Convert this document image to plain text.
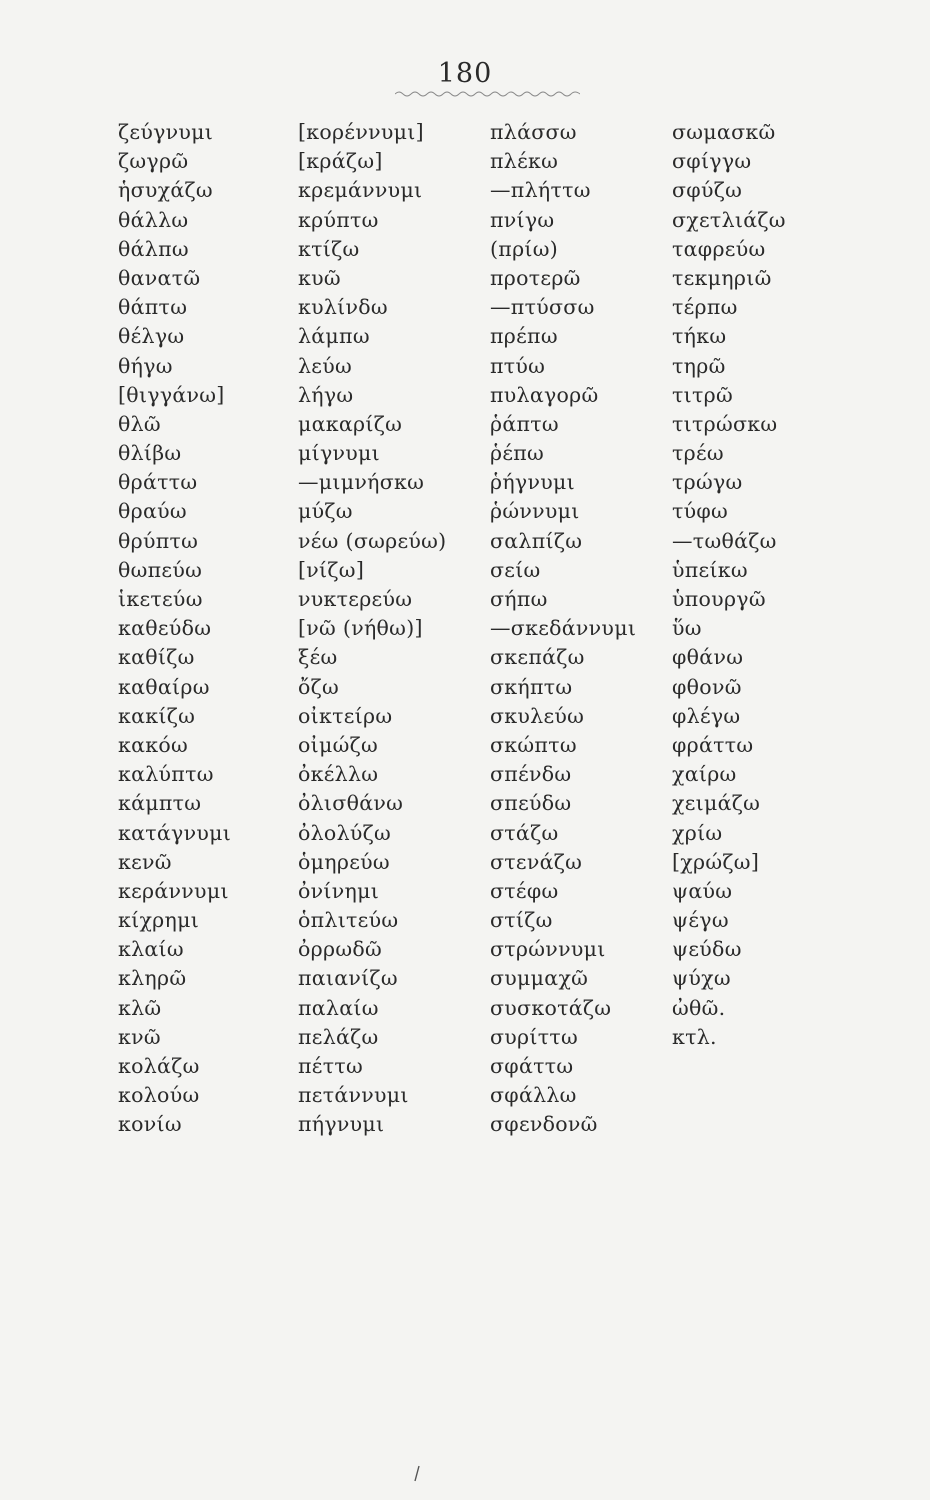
180
ζεύγνυμι
ζωγρῶ
ἡσυχάζω
θάλλω
θάλπω
θανατῶ
θάπτω
θέλγω
θήγω
[θιγγάνω]
θλῶ
θλίβω
θράττω
θραύω
θρύπτω
θωπεύω
ἱκετεύω
καθεύδω
καθίζω
καθαίρω
κακίζω
κακόω
καλύπτω
κάμπτω
κατάγνυμι
κενῶ
κεράννυμι
κίχρημι
κλαίω
κληρῶ
κλῶ
κνῶ
κολάζω
κολούω
κονίω
[κορέννυμι]
[κράζω]
κρεμάννυμι
κρύπτω
κτίζω
κυῶ
κυλίνδω
λάμπω
λεύω
λήγω
μακαρίζω
μίγνυμι
—μιμνήσκω
μύζω
νέω (σωρεύω)
[νίζω]
νυκτερεύω
[νῶ (νήθω)]
ξέω
ὄζω
οἰκτείρω
οἰμώζω
ὀκέλλω
ὀλισθάνω
ὀλολύζω
ὁμηρεύω
ὀνίνημι
ὁπλιτεύω
ὀρρωδῶ
παιανίζω
παλαίω
πελάζω
πέττω
πετάννυμι
πήγνυμι
πλάσσω
πλέκω
—πλήττω
πνίγω
(πρίω)
προτερῶ
—πτύσσω
πρέπω
πτύω
πυλαγορῶ
ῥάπτω
ῥέπω
ῥήγνυμι
ῥώννυμι
σαλπίζω
σείω
σήπω
—σκεδάννυμι
σκεπάζω
σκήπτω
σκυλεύω
σκώπτω
σπένδω
σπεύδω
στάζω
στενάζω
στέφω
στίζω
στρώννυμι
συμμαχῶ
συσκοτάζω
συρίττω
σφάττω
σφάλλω
σφενδονῶ
σωμασκῶ
σφίγγω
σφύζω
σχετλιάζω
ταφρεύω
τεκμηριῶ
τέρπω
τήκω
τηρῶ
τιτρῶ
τιτρώσκω
τρέω
τρώγω
τύφω
—τωθάζω
ὑπείκω
ὑπουργῶ
ὕω
φθάνω
φθονῶ
φλέγω
φράττω
χαίρω
χειμάζω
χρίω
[χρώζω]
ψαύω
ψέγω
ψεύδω
ψύχω
ὠθῶ.
κτλ.
